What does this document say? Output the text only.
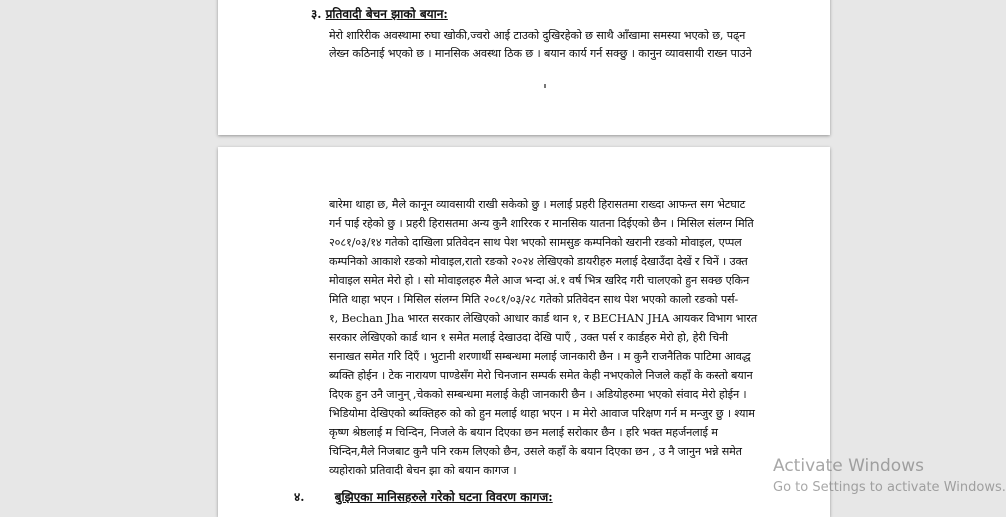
३. प्रतिवादी बेचन झाको बयान:
मेरो शारिरीक अवस्थामा रुघा खोकी,ज्वरो आई टाउको दुखिरहेको छ साथै आँखामा समस्या भएको छ, पढ्न
लेख्न कठिनाई भएको छ । मानसिक अवस्था ठिक छ । बयान कार्य गर्न सक्छु । कानुन व्यावसायी राख्न पाउने
बारेमा थाहा छ, मैले कानून व्यावसायी राखी सकेको छु । मलाई प्रहरी हिरासतमा राख्दा आफन्त सग भेटघाट
गर्न पाई रहेको छु । प्रहरी हिरासतमा अन्य कुनै शारिरक र मानसिक यातना दिईएको छैन । मिसिल संलग्न मिति
२०८१/०३/१४ गतेको दाखिला प्रतिवेदन साथ पेश भएको सामसुङ कम्पनिको खरानी रङको मोवाइल, एप्पल
कम्पनिको आकाशे रङको मोवाइल,रातो रङको २०२४ लेखिएको डायरीहरु मलाई देखाउँदा देखें र चिनें । उक्त
मोवाइल समेत मेरो हो । सो मोवाइलहरु मैले आज भन्दा अं.१ वर्ष भित्र खरिद गरी चालएको हुन सक्छ एकिन
मिति थाहा भएन । मिसिल संलग्न मिति २०८१/०३/२८ गतेको प्रतिवेदन साथ पेश भएको कालो रङको पर्स-
१, Bechan Jha भारत सरकार लेखिएको आधार कार्ड थान १, र BECHAN JHA आयकर विभाग भारत
सरकार लेखिएको कार्ड थान १ समेत मलाई देखाउदा देखि पाएँ , उक्त पर्स र कार्डहरु मेरो हो, हेरी चिनी
सनाखत समेत गरि दिएँ । भुटानी शरणार्थी सम्बन्धमा मलाई जानकारी छैन । म कुनै राजनैतिक पाटिमा आवद्ध
ब्यक्ति होईन । टेक नारायण पाण्डेसँग मेरो चिनजान सम्पर्क समेत केही नभएकोले निजले कहाँ के कस्तो बयान
दिएक हुन उनै जानुन् ,चेकको सम्बन्धमा मलाई केही जानकारी छैन । अडियोहरुमा भएको संवाद मेरो होईन ।
भिडियोमा देखिएको ब्यक्तिहरु को को हुन मलाई थाहा भएन । म मेरो आवाज परिक्षण गर्न म मन्जुर छु । श्याम
कृष्ण श्रेष्ठलाई म चिन्दिन, निजले के बयान दिएका छन मलाई सरोकार छैन । हरि भक्त महर्जनलाई म
चिन्दिन,मैले निजबाट कुनै पनि रकम लिएको छैन, उसले कहाँ के बयान दिएका छन , उ नै जानुन भन्ने समेत
व्यहोराको प्रतिवादी बेचन झा को बयान कागज ।
४.	बुझिएका मानिसहरुले गरेको घटना विवरण कागज:
Activate Windows
Go to Settings to activate Windows.
